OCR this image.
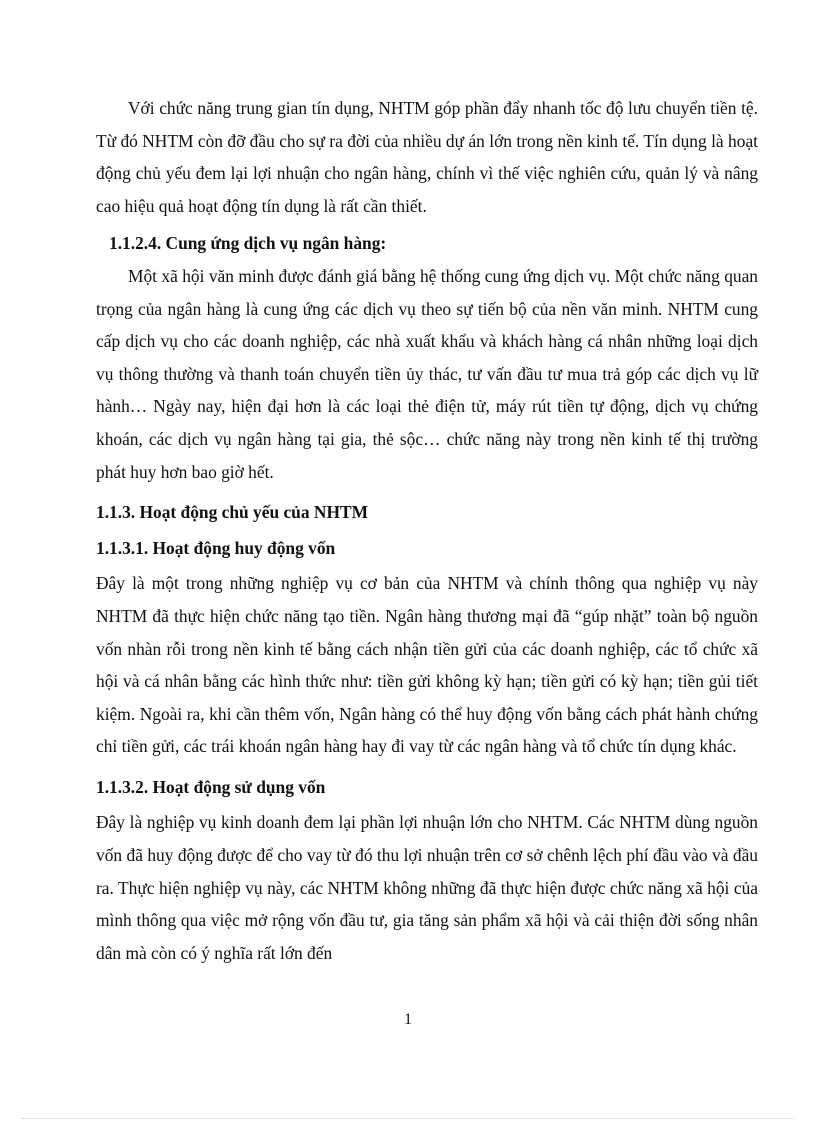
Với chức năng trung gian tín dụng, NHTM góp phần đẩy nhanh tốc độ lưu chuyển tiền tệ. Từ đó NHTM còn đỡ đầu cho sự ra đời của nhiều dự án lớn trong nền kinh tế. Tín dụng là hoạt động chủ yếu đem lại lợi nhuận cho ngân hàng, chính vì thế việc nghiên cứu, quản lý và nâng cao hiệu quả hoạt động tín dụng là rất cần thiết.

1.1.2.4. Cung ứng dịch vụ ngân hàng:

Một xã hội văn minh được đánh giá bằng hệ thống cung ứng dịch vụ. Một chức năng quan trọng của ngân hàng là cung ứng các dịch vụ theo sự tiến bộ của nền văn minh. NHTM cung cấp dịch vụ cho các doanh nghiệp, các nhà xuất khẩu và khách hàng cá nhân những loại dịch vụ thông thường và thanh toán chuyển tiền ủy thác, tư vấn đầu tư mua trả góp các dịch vụ lữ hành… Ngày nay, hiện đại hơn là các loại thẻ điện tử, máy rút tiền tự động, dịch vụ chứng khoán, các dịch vụ ngân hàng tại gia, thẻ sộc… chức năng này trong nền kinh tế thị trường phát huy hơn bao giờ hết.

1.1.3. Hoạt động chủ yếu của NHTM

1.1.3.1. Hoạt động huy động vốn

Đây là một trong những nghiệp vụ cơ bản của NHTM và chính thông qua nghiệp vụ này NHTM đã thực hiện chức năng tạo tiền. Ngân hàng thương mại đã “gúp nhặt” toàn bộ nguồn vốn nhàn rỗi trong nền kinh tế bằng cách nhận tiền gửi của các doanh nghiệp, các tổ chức xã hội và cá nhân bằng các hình thức như: tiền gửi không kỳ hạn; tiền gửi có kỳ hạn; tiền gủi tiết kiệm. Ngoài ra, khi cần thêm vốn, Ngân hàng có thể huy động vốn bằng cách phát hành chứng chỉ tiền gửi, các trái khoán ngân hàng hay đi vay từ các ngân hàng và tổ chức tín dụng khác.

1.1.3.2. Hoạt động sử dụng vốn

Đây là nghiệp vụ kinh doanh đem lại phần lợi nhuận lớn cho NHTM. Các NHTM dùng nguồn vốn đã huy động được để cho vay từ đó thu lợi nhuận trên cơ sở chênh lệch phí đầu vào và đầu ra. Thực hiện nghiệp vụ này, các NHTM không những đã thực hiện được chức năng xã hội của mình thông qua việc mở rộng vốn đầu tư, gia tăng sản phẩm xã hội và cải thiện đời sống nhân dân mà còn có ý nghĩa rất lớn đến

1
